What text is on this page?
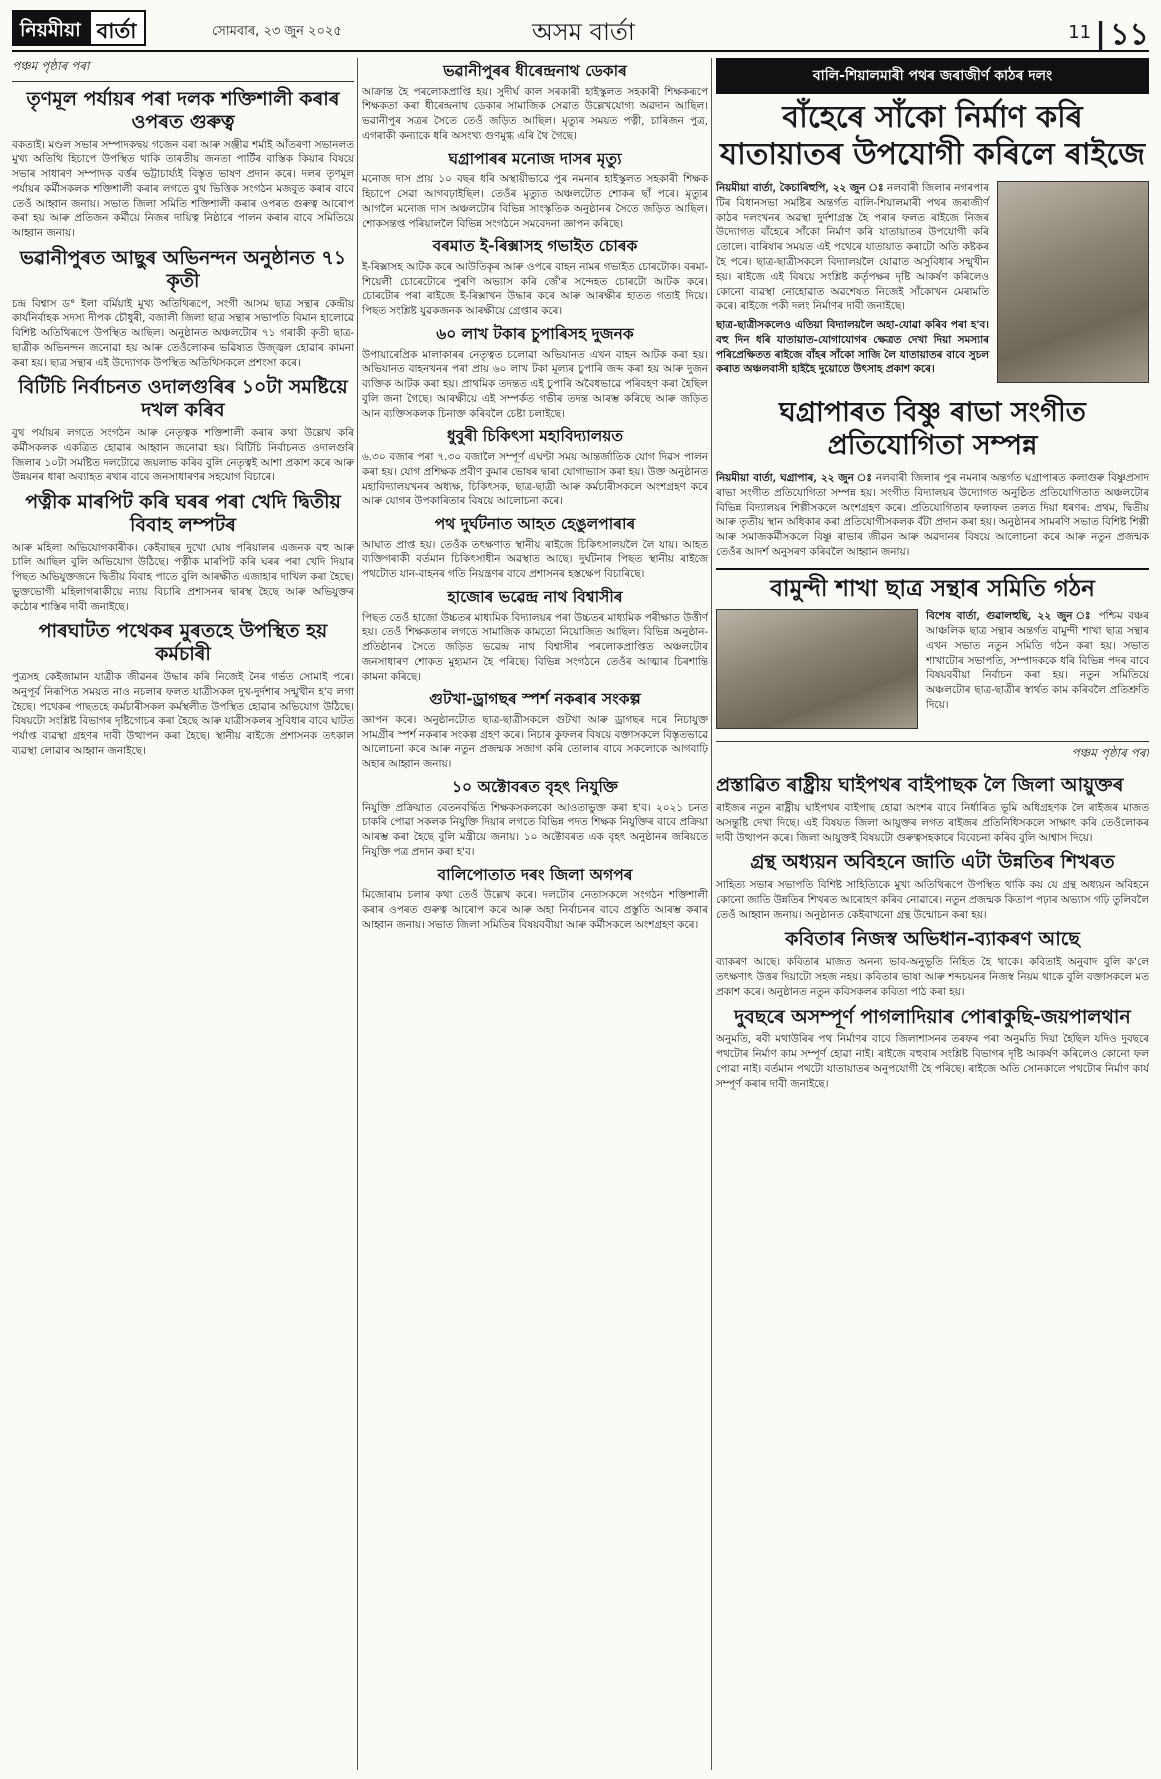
নিয়মীয়া বার্তা	সোমবাৰ, ২৩ জুন ২০২৫	অসম বাৰ্তা	$^{11}$ | ১১
পঞ্চম পৃষ্ঠাৰ পৰা
তৃণমূল পৰ্যায়ৰ পৰা দলক শক্তিশালী কৰাৰ ওপৰত গুৰুত্ব

বকতাই। মণ্ডল সভাৰ সম্পাদকদ্বয় গজেন বৰা আৰু সঞ্জীৱ শৰ্মাই আঁতৰণা সভানলত মুখ্য অতিথি হিচাপে উপস্থিত থাকি তাৰতীয় জনতা পাৰ্টিৰ বাস্তিক কিয়াৰ বিষয়ে সভাৰ সাধাৰণ সম্পাদক বৰ্ত্তৰ ভট্টাচাৰ্য্যই বিস্তৃত ভাষণ প্ৰদান কৰে। দলৰ তৃণমূল পৰ্যায়ৰ কৰ্মীসকলক শক্তিশালী কৰাৰ লগতে বুথ ভিত্তিক সংগঠন মজবুত কৰাৰ বাবে তেওঁ আহ্বান জনায়। সভাত জিলা সমিতি শক্তিশালী কৰাৰ ওপৰত গুৰুত্ব আৰোপ কৰা হয় আৰু প্ৰতিজন কৰ্মীয়ে নিজৰ দায়িত্ব নিষ্ঠাৰে পালন কৰাৰ বাবে সমিতিয়ে আহ্বান জনায়।

ভৱানীপুৰত আছুৰ অভিনন্দন অনুষ্ঠানত ৭১ কৃতী

চন্দ্ৰ বিশ্বাস ড° ইলা বৰ্মিয়াই মুখ্য অতিথিৰূপে, সংগী আসম ছাত্ৰ সন্থাৰ কেন্দ্ৰীয় কাৰ্যনিৰ্বাহক সদস্য দীপক চৌধুৰী, বজালী জিলা ছাত্ৰ সন্থাৰ সভাপতি বিমান হালোৱে বিশিষ্ট অতিথিৰূপে উপস্থিত আছিল। অনুষ্ঠানত অঞ্চলটোৰ ৭১ গৰাকী কৃতী ছাত্ৰ-ছাত্ৰীক অভিনন্দন জনোৱা হয় আৰু তেওঁলোকৰ ভৱিষ্যত উজ্জ্বল হোৱাৰ কামনা কৰা হয়। ছাত্ৰ সন্থাৰ এই উদ্যোগক উপস্থিত অতিথিসকলে প্ৰশংসা কৰে।

বিটিচি নিৰ্বাচনত ওদালগুৰিৰ ১০টা সমষ্টিয়ে দখল কৰিব

বুথ পৰ্যায়ৰ লগতে সংগঠন আৰু নেতৃত্বক শক্তিশালী কৰাৰ কথা উল্লেখ কৰি কৰ্মীসকলক একত্ৰিত হোৱাৰ আহ্বান জনোৱা হয়। বিটিচি নিৰ্বাচনত ওদালগুৰি জিলাৰ ১০টা সমষ্টিত দলটোৱে জয়লাভ কৰিব বুলি নেতৃত্বই আশা প্ৰকাশ কৰে আৰু উন্নয়নৰ ধাৰা অব্যাহত ৰখাৰ বাবে জনসাধাৰণৰ সহযোগ বিচাৰে।

পত্নীক মাৰপিট কৰি ঘৰৰ পৰা খেদি দ্বিতীয় বিবাহ লম্পটৰ

আৰু মহিলা অভিযোগকাৰীক। কেইবাছৰ দুখো ঘোষ পৰিয়ালৰ এজনক বহু আৰু চালি আছিল বুলি অভিযোগ উঠিছে। পত্নীক মাৰপিট কৰি ঘৰৰ পৰা খেদি দিয়াৰ পিছত অভিযুক্তজনে দ্বিতীয় বিবাহ পাতে বুলি আৰক্ষীত এজাহাৰ দাখিল কৰা হৈছে। ভুক্তভোগী মহিলাগৰাকীয়ে ন্যায় বিচাৰি প্ৰশাসনৰ দ্বাৰস্থ হৈছে আৰু অভিযুক্তৰ কঠোৰ শাস্তিৰ দাবী জনাইছে।

পাৰঘাটত পথেকৰ মুৰতহে উপস্থিত হয় কৰ্মচাৰী

পুত্ৰসহ কেইজামান যাত্ৰীক জীৱনৰ উদ্ধাৰ কৰি নিজেই নৈৰ গৰ্ভত সোমাই পৰে। অনুপূৰ্ব নিৰূপিত সময়ত নাও নচলাৰ ফলত যাত্ৰীসকল দুখ-দুৰ্দশাৰ সন্মুখীন হ'ব লগা হৈছে। পথেকৰ পাছতহে কৰ্মচাৰীসকল কৰ্মস্থলীত উপস্থিত হোৱাৰ অভিযোগ উঠিছে। বিষয়টো সংশ্লিষ্ট বিভাগৰ দৃষ্টিগোচৰ কৰা হৈছে আৰু যাত্ৰীসকলৰ সুবিধাৰ বাবে ঘাটত পৰ্যাপ্ত ব্যৱস্থা গ্ৰহণৰ দাবী উত্থাপন কৰা হৈছে। স্থানীয় ৰাইজে প্ৰশাসনক তৎকাল ব্যৱস্থা লোৱাৰ আহ্বান জনাইছে।

ভৱানীপুৰৰ ধীৰেন্দ্ৰনাথ ডেকাৰ

আক্ৰান্ত হৈ পৰলোকপ্ৰাপ্তি হয়। সুদীৰ্ঘ কাল সৰকাৰী হাইস্কুলত সহকাৰী শিক্ষকৰূপে শিক্ষকতা কৰা ধীৰেন্দ্ৰনাথ ডেকাৰ সামাজিক সেৱাত উল্লেখযোগ্য অৱদান আছিল। ভৱানীপুৰ সত্ৰৰ সৈতে তেওঁ জড়িত আছিল। মৃত্যুৰ সময়ত পত্নী, চাৰিজন পুত্ৰ, এগৰাকী কন্যাকে ধৰি অসংখ্য গুণমুগ্ধ এৰি থৈ গৈছে।

ঘগ্ৰাপাৰৰ মনোজ দাসৰ মৃত্যু

মনোজ দাস প্ৰায় ১০ বছৰ ধৰি অস্থায়ীভাৱে পুৰ নমনাৰ হাইস্কুলত সহকাৰী শিক্ষক হিচাপে সেৱা আগবঢ়াইছিল। তেওঁৰ মৃত্যুত অঞ্চলটোত শোকৰ ছাঁ পৰে। মৃত্যুৰ আগলৈ মনোজ দাস অঞ্চলটোৰ বিভিন্ন সাংস্কৃতিক অনুষ্ঠানৰ সৈতে জড়িত আছিল। শোকসন্তপ্ত পৰিয়াললৈ বিভিন্ন সংগঠনে সমবেদনা জ্ঞাপন কৰিছে।

বৰমাত ই-ৰিক্সাসহ গভাইত চোৰক

ই-ৰিক্সাসহ আটক কৰে আউতিকৃৰ আৰু ওপৰে বাহন নামৰ গভাইত চোৰটোক। বৰমা-শিয়েলী চোৰেটোৰে পুৰণি অভ্যাস কৰি জেঁ'ৰ সন্দেহত চোৰটো আটক কৰে। চোৰটোৰ পৰা ৰাইজে ই-ৰিক্সাখন উদ্ধাৰ কৰে আৰু আৰক্ষীৰ হাতত গতাই দিয়ে। পিছত সংশ্লিষ্ট যুৱকজনক আৰক্ষীয়ে গ্ৰেপ্তাৰ কৰে।

৬০ লাখ টকাৰ চুপাৰিসহ দুজনক

উপায়াৰেপ্ৰিক মালাকাৰৰ নেতৃত্বত চলোৱা অভিযানত এখন বাহন আটক কৰা হয়। অভিযানত বাহনখনৰ পৰা প্ৰায় ৬০ লাখ টকা মূল্যৰ চুপাৰি জব্দ কৰা হয় আৰু দুজন ব্যক্তিক আটক কৰা হয়। প্ৰাথমিক তদন্তত এই চুপাৰি অবৈধভাৱে পৰিবহণ কৰা হৈছিল বুলি জনা গৈছে। আৰক্ষীয়ে এই সম্পৰ্কত গভীৰ তদন্ত আৰম্ভ কৰিছে আৰু জড়িত আন ব্যক্তিসকলক চিনাক্ত কৰিবলৈ চেষ্টা চলাইছে।

ধুবুৰী চিকিৎসা মহাবিদ্যালয়ত

৬.৩০ বজাৰ পৰা ৭.৩০ বজালৈ সম্পূৰ্ণ এঘণ্টা সময় আন্তৰ্জাতিক যোগ দিৱস পালন কৰা হয়। যোগ প্ৰশিক্ষক প্ৰবীণ কুমাৰ ভোষৰ দ্বাৰা যোগাভ্যাস কৰা হয়। উক্ত অনুষ্ঠানত মহাবিদ্যালয়খনৰ অধ্যক্ষ, চিকিৎসক, ছাত্ৰ-ছাত্ৰী আৰু কৰ্মচাৰীসকলে অংশগ্ৰহণ কৰে আৰু যোগৰ উপকাৰিতাৰ বিষয়ে আলোচনা কৰে।

পথ দুৰ্ঘটনাত আহত হেঙুলপাৰাৰ

আঘাত প্ৰাপ্ত হয়। তেওঁক তৎক্ষণাত স্থানীয় ৰাইজে চিকিৎসালয়লৈ লৈ যায়। আহত ব্যক্তিগৰাকী বৰ্তমান চিকিৎসাধীন অৱস্থাত আছে। দুৰ্ঘটনাৰ পিছত স্থানীয় ৰাইজে পথটোত যান-বাহনৰ গতি নিয়ন্ত্ৰণৰ বাবে প্ৰশাসনৰ হস্তক্ষেপ বিচাৰিছে।

হাজোৰ ভৱেন্দ্ৰ নাথ বিশ্বাসীৰ

পিছত তেওঁ হাজো উচ্চতৰ মাধ্যমিক বিদ্যালয়ৰ পৰা উচ্চতৰ মাধ্যমিক পৰীক্ষাত উত্তীৰ্ণ হয়। তেওঁ শিক্ষকতাৰ লগতে সামাজিক কামতো নিয়োজিত আছিল। বিভিন্ন অনুষ্ঠান-প্ৰতিষ্ঠানৰ সৈতে জড়িত ভৱেন্দ্ৰ নাথ বিশ্বাসীৰ পৰলোকপ্ৰাপ্তিত অঞ্চলটোৰ জনসাধাৰণ শোকত মুহ্যমান হৈ পৰিছে। বিভিন্ন সংগঠনে তেওঁৰ আত্মাৰ চিৰশান্তি কামনা কৰিছে।

গুটখা-ড্ৰাগছৰ স্পৰ্শ নকৰাৰ সংকল্প

জ্ঞাপন কৰে। অনুষ্ঠানটোত ছাত্ৰ-ছাত্ৰীসকলে গুটখা আৰু ড্ৰাগছৰ দৰে নিচাযুক্ত সামগ্ৰীৰ স্পৰ্শ নকৰাৰ সংকল্প গ্ৰহণ কৰে। নিচাৰ কুফলৰ বিষয়ে বক্তাসকলে বিস্তৃতভাৱে আলোচনা কৰে আৰু নতুন প্ৰজন্মক সজাগ কৰি তোলাৰ বাবে সকলোকে আগবাঢ়ি অহাৰ আহ্বান জনায়।

১০ অক্টোবৰত বৃহৎ নিযুক্তি

নিযুক্তি প্ৰক্ৰিয়াত বেতনবৰ্দ্ধিত শিক্ষকসকলকো আওতাভুক্ত কৰা হ'ব। ২০২১ চনত চাকৰি পোৱা সকলক নিযুক্তি দিয়াৰ লগতে বিভিন্ন পদত শিক্ষক নিযুক্তিৰ বাবে প্ৰক্ৰিয়া আৰম্ভ কৰা হৈছে বুলি মন্ত্ৰীয়ে জনায়। ১০ অক্টোবৰত এক বৃহৎ অনুষ্ঠানৰ জৰিয়তে নিযুক্তি পত্ৰ প্ৰদান কৰা হ'ব।

বালিপোতাত দৰং জিলা অগপৰ

মিজোৰাম চলাৰ কথা তেওঁ উল্লেখ কৰে। দলটোৰ নেতাসকলে সংগঠন শক্তিশালী কৰাৰ ওপৰত গুৰুত্ব আৰোপ কৰে আৰু অহা নিৰ্বাচনৰ বাবে প্ৰস্তুতি আৰম্ভ কৰাৰ আহ্বান জনায়। সভাত জিলা সমিতিৰ বিষয়ববীয়া আৰু কৰ্মীসকলে অংশগ্ৰহণ কৰে।

বালি-শিয়ালমাৰী পথৰ জৰাজীৰ্ণ কাঠৰ দলং
বাঁহেৰে সাঁকো নিৰ্মাণ কৰি যাতায়াতৰ উপযোগী কৰিলে ৰাইজে

নিয়মীয়া বাৰ্তা, কৈচাৰিহুপি, ২২ জুন ঃ নলবাৰী জিলাৰ নগৰপাৰ টিৰ বিধানসভা সমষ্টিৰ অন্তৰ্গত বালি-শিয়ালমাৰী পথৰ জৰাজীৰ্ণ কাঠৰ দলংখনৰ অৱস্থা দুৰ্দশাগ্ৰস্ত হৈ পৰাৰ ফলত ৰাইজে নিজৰ উদ্যোগত বাঁহেৰে সাঁকো নিৰ্মাণ কৰি যাতায়াতৰ উপযোগী কৰি তোলে। বাৰিষাৰ সময়ত এই পথেৰে যাতায়াত কৰাটো অতি কষ্টকৰ হৈ পৰে। ছাত্ৰ-ছাত্ৰীসকলে বিদ্যালয়লৈ যোৱাত অসুবিধাৰ সন্মুখীন হয়। ৰাইজে এই বিষয়ে সংশ্লিষ্ট কৰ্তৃপক্ষৰ দৃষ্টি আকৰ্ষণ কৰিলেও কোনো ব্যৱস্থা নোহোৱাত অৱশেষত নিজেই সাঁকোখন মেৰামতি কৰে। ৰাইজে পকী দলং নিৰ্মাণৰ দাবী জনাইছে।

ছাত্ৰ-ছাত্ৰীসকলেও এতিয়া বিদ্যালয়লৈ অহা-যোৱা কৰিব পৰা হ'ব। বহু দিন ধৰি যাতায়াত-যোগাযোগৰ ক্ষেত্ৰত দেখা দিয়া সমস্যাৰ পৰিপ্ৰেক্ষিতত ৰাইজে বাঁহৰ সাঁকো সাজি লৈ যাতায়াতৰ বাবে সুচল কৰাত অঞ্চলবাসী হাইহৈ দুয়োতে উৎসাহ প্ৰকাশ কৰে।

ঘগ্ৰাপাৰত বিষ্ণু ৰাভা সংগীত প্ৰতিযোগিতা সম্পন্ন

নিয়মীয়া বাৰ্তা, ঘগ্ৰাপাৰ, ২২ জুন ঃ নলবাৰী জিলাৰ পুৰ নমনাৰ অন্তৰ্গত ঘগ্ৰাপাৰত কলাগুৰু বিষ্ণুপ্ৰসাদ ৰাভা সংগীত প্ৰতিযোগিতা সম্পন্ন হয়। সংগীত বিদ্যালয়ৰ উদ্যোগত অনুষ্ঠিত প্ৰতিযোগিতাত অঞ্চলটোৰ বিভিন্ন বিদ্যালয়ৰ শিল্পীসকলে অংশগ্ৰহণ কৰে। প্ৰতিযোগিতাৰ ফলাফল তলত দিয়া ধৰণৰ: প্ৰথম, দ্বিতীয় আৰু তৃতীয় স্থান অধিকাৰ কৰা প্ৰতিযোগীসকলক বঁটা প্ৰদান কৰা হয়। অনুষ্ঠানৰ সামৰণি সভাত বিশিষ্ট শিল্পী আৰু সমাজকৰ্মীসকলে বিষ্ণু ৰাভাৰ জীৱন আৰু অৱদানৰ বিষয়ে আলোচনা কৰে আৰু নতুন প্ৰজন্মক তেওঁৰ আদৰ্শ অনুসৰণ কৰিবলৈ আহ্বান জনায়।

বামুন্দী শাখা ছাত্ৰ সন্থাৰ সমিতি গঠন

বিশেষ বাৰ্তা, গুৱালহুছি, ২২ জুন ঃ পশ্চিম বঞ্চৰ আঞ্চলিক ছাত্ৰ সন্থাৰ অন্তৰ্গত বামুন্দী শাখা ছাত্ৰ সন্থাৰ এখন সভাত নতুন সমিতি গঠন কৰা হয়। সভাত শাখাটোৰ সভাপতি, সম্পাদককে ধৰি বিভিন্ন পদৰ বাবে বিষয়ববীয়া নিৰ্বাচন কৰা হয়। নতুন সমিতিয়ে অঞ্চলটোৰ ছাত্ৰ-ছাত্ৰীৰ স্বাৰ্থত কাম কৰিবলৈ প্ৰতিশ্ৰুতি দিয়ে।

পঞ্চম পৃষ্ঠাৰ পৰা
প্ৰস্তাৱিত ৰাষ্ট্ৰীয় ঘাইপথৰ বাইপাছক লৈ জিলা আয়ুক্তৰ

ৰাইজৰ নতুন ৰাষ্ট্ৰীয় ঘাইপথৰ বাইপাছ হোৱা অংশৰ বাবে নিৰ্ধাৰিত ভূমি অধিগ্ৰহণক লৈ ৰাইজৰ মাজত অসন্তুষ্টি দেখা দিছে। এই বিষয়ত জিলা আয়ুক্তৰ লগত ৰাইজৰ প্ৰতিনিধিসকলে সাক্ষাৎ কৰি তেওঁলোকৰ দাবী উত্থাপন কৰে। জিলা আয়ুক্তই বিষয়টো গুৰুত্বসহকাৰে বিবেচনা কৰিব বুলি আশ্বাস দিয়ে।

গ্ৰন্থ অধ্যয়ন অবিহনে জাতি এটা উন্নতিৰ শিখৰত

সাহিত্য সভাৰ সভাপতি বিশিষ্ট সাহিত্যিকে মুখ্য অতিথিৰূপে উপস্থিত থাকি কয় যে গ্ৰন্থ অধ্যয়ন অবিহনে কোনো জাতি উন্নতিৰ শিখৰত আৰোহণ কৰিব নোৱাৰে। নতুন প্ৰজন্মক কিতাপ পঢ়াৰ অভ্যাস গঢ়ি তুলিবলৈ তেওঁ আহ্বান জনায়। অনুষ্ঠানত কেইবাখনো গ্ৰন্থ উন্মোচন কৰা হয়।

কবিতাৰ নিজস্ব অভিধান-ব্যাকৰণ আছে

ব্যাকৰণ আছে। কবিতাৰ মাজত অনন্য ভাব-অনুভূতি নিহিত হৈ থাকে। কবিতাই অনুবাদ বুলি ক'লে তৎক্ষণাৎ উত্তৰ দিয়াটো সহজ নহয়। কবিতাৰ ভাষা আৰু শব্দচয়নৰ নিজস্ব নিয়ম থাকে বুলি বক্তাসকলে মত প্ৰকাশ কৰে। অনুষ্ঠানত নতুন কবিসকলৰ কবিতা পাঠ কৰা হয়।

দুবছৰে অসম্পূৰ্ণ পাগলাদিয়াৰ পোৰাকুছি-জয়পালথান

অনুমতি, ৰবী মথাউৰিৰ পথ নিৰ্মাণৰ বাবে জিলাশাসনৰ তৰফৰ পৰা অনুমতি দিয়া হৈছিল যদিও দুবছৰে পথটোৰ নিৰ্মাণ কাম সম্পূৰ্ণ হোৱা নাই। ৰাইজে বহুবাৰ সংশ্লিষ্ট বিভাগৰ দৃষ্টি আকৰ্ষণ কৰিলেও কোনো ফল পোৱা নাই। বৰ্তমান পথটো যাতায়াতৰ অনুপযোগী হৈ পৰিছে। ৰাইজে অতি সোনকালে পথটোৰ নিৰ্মাণ কাৰ্য সম্পূৰ্ণ কৰাৰ দাবী জনাইছে।
